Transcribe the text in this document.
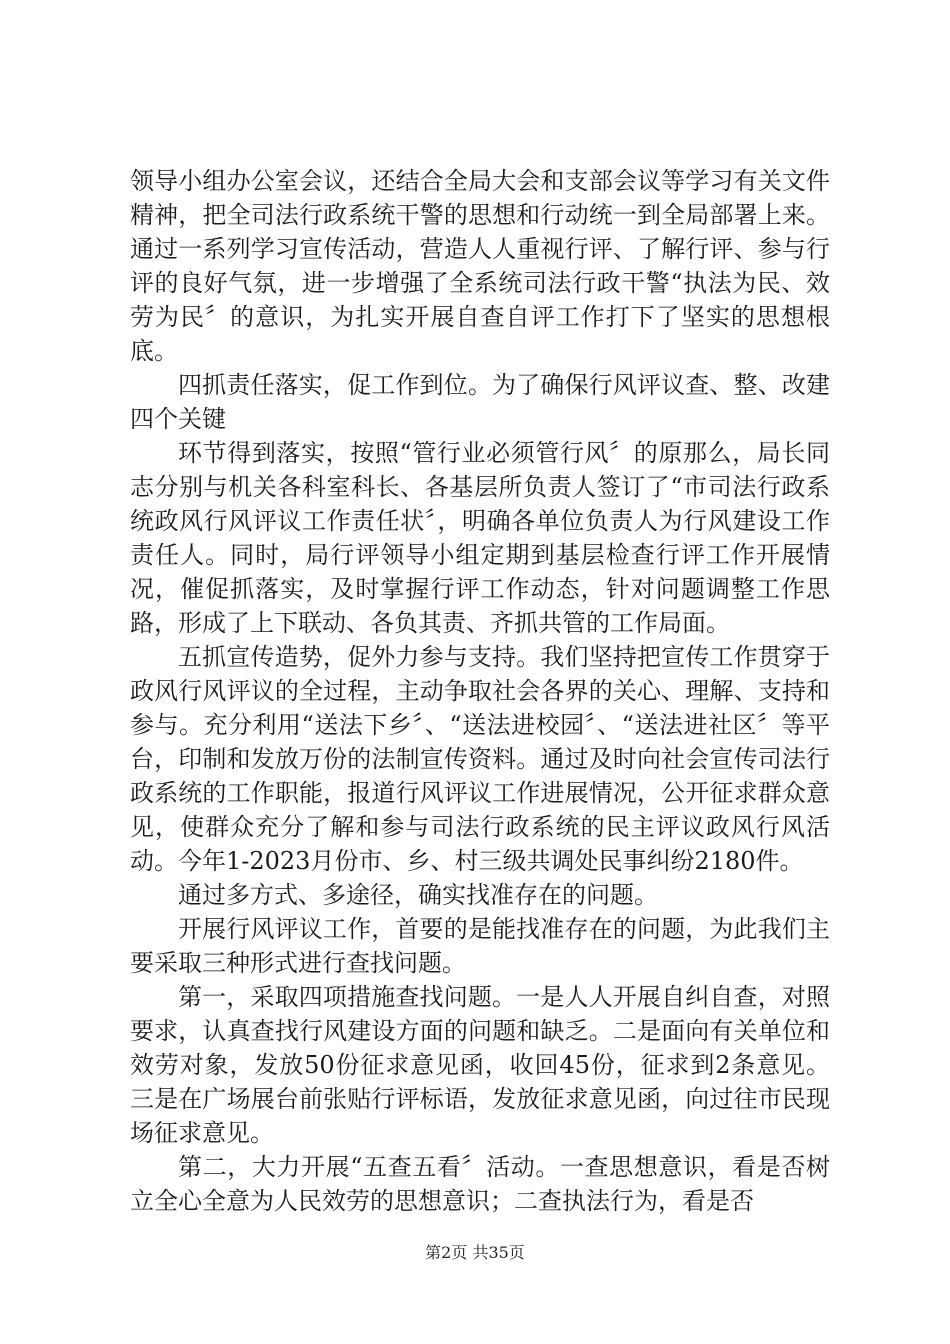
领导小组办公室会议，还结合全局大会和支部会议等学习有关文件精神，把全司法行政系统干警的思想和行动统一到全局部署上来。通过一系列学习宣传活动，营造人人重视行评、了解行评、参与行评的良好气氛，进一步增强了全系统司法行政干警“执法为民、效劳为民〞的意识，为扎实开展自查自评工作打下了坚实的思想根底。

四抓责任落实，促工作到位。为了确保行风评议查、整、改建四个关键

环节得到落实，按照“管行业必须管行风〞的原那么，局长同志分别与机关各科室科长、各基层所负责人签订了“市司法行政系统政风行风评议工作责任状〞，明确各单位负责人为行风建设工作责任人。同时，局行评领导小组定期到基层检查行评工作开展情况，催促抓落实，及时掌握行评工作动态，针对问题调整工作思路，形成了上下联动、各负其责、齐抓共管的工作局面。

五抓宣传造势，促外力参与支持。我们坚持把宣传工作贯穿于政风行风评议的全过程，主动争取社会各界的关心、理解、支持和参与。充分利用“送法下乡〞、“送法进校园〞、“送法进社区〞等平台，印制和发放万份的法制宣传资料。通过及时向社会宣传司法行政系统的工作职能，报道行风评议工作进展情况，公开征求群众意见，使群众充分了解和参与司法行政系统的民主评议政风行风活动。今年1-2023月份市、乡、村三级共调处民事纠纷2180件。

通过多方式、多途径，确实找准存在的问题。

开展行风评议工作，首要的是能找准存在的问题，为此我们主要采取三种形式进行查找问题。

第一，采取四项措施查找问题。一是人人开展自纠自查，对照要求，认真查找行风建设方面的问题和缺乏。二是面向有关单位和效劳对象，发放50份征求意见函，收回45份，征求到2条意见。三是在广场展台前张贴行评标语，发放征求意见函，向过往市民现场征求意见。

第二，大力开展“五查五看〞活动。一查思想意识，看是否树立全心全意为人民效劳的思想意识；二查执法行为，看是否

第2页 共35页
